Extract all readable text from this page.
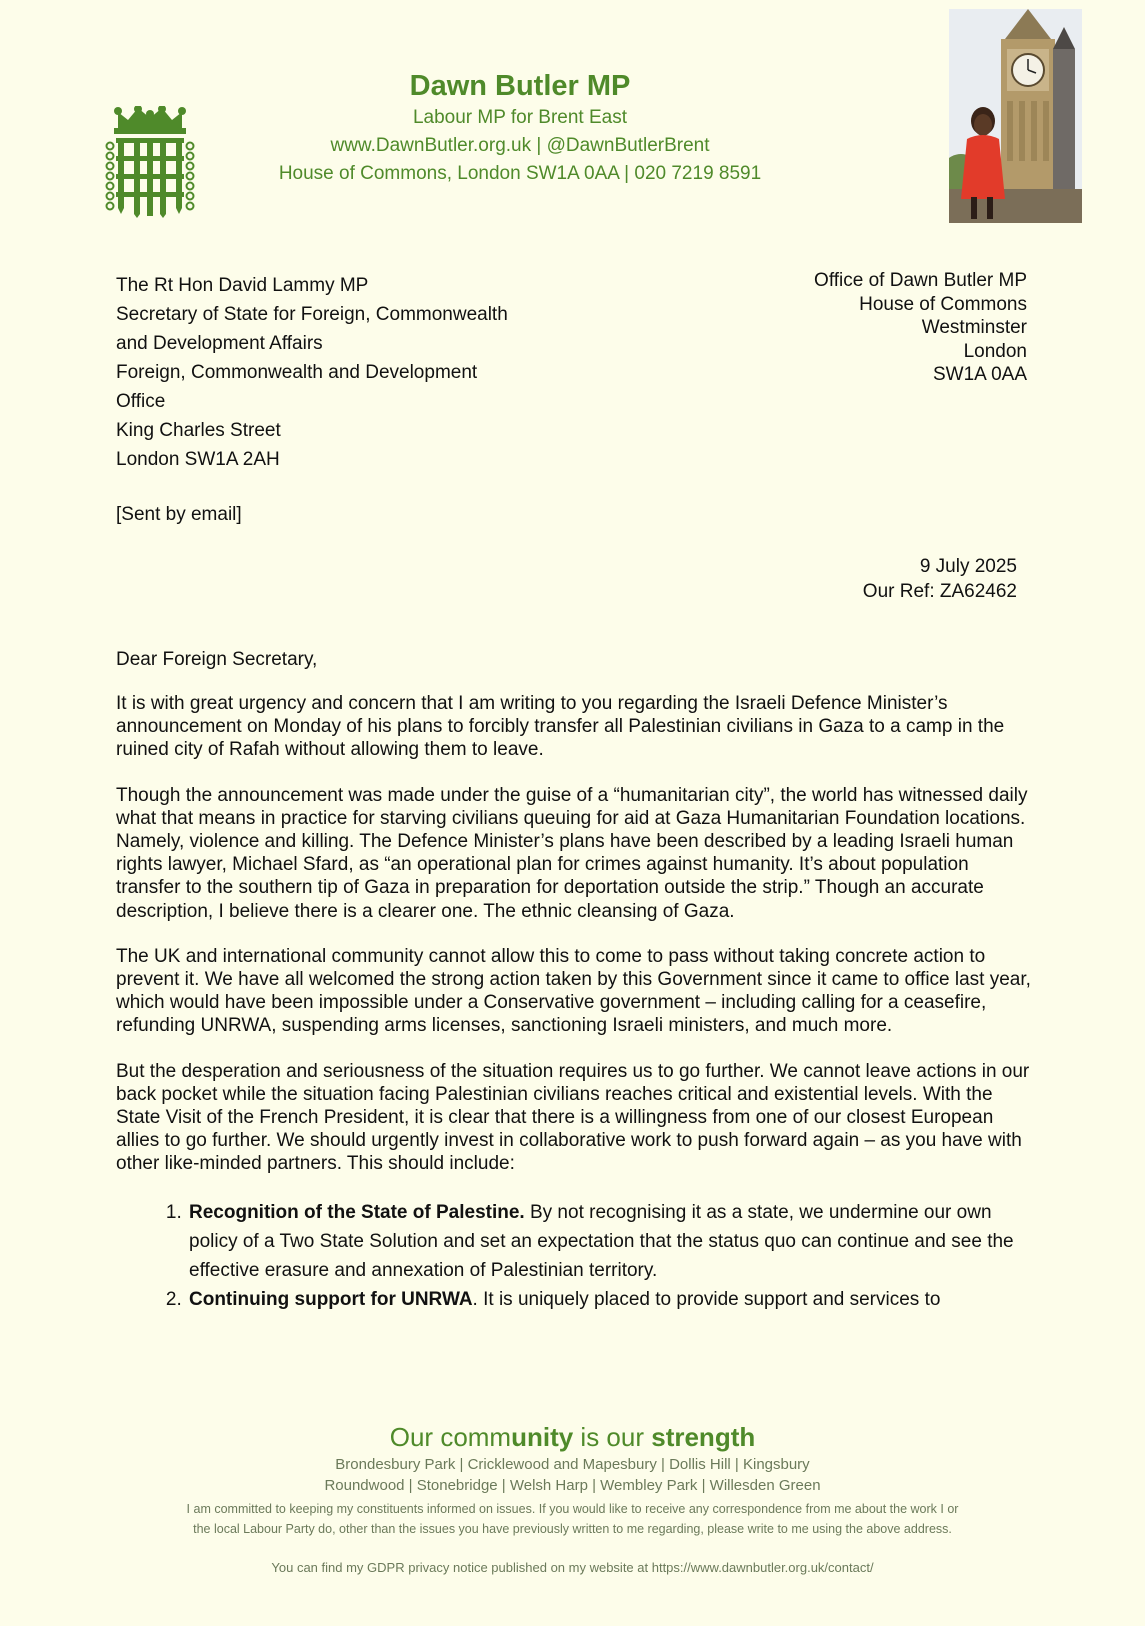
Dawn Butler MP
Labour MP for Brent East
www.DawnButler.org.uk | @DawnButlerBrent
House of Commons, London SW1A 0AA | 020 7219 8591
The Rt Hon David Lammy MP
Secretary of State for Foreign, Commonwealth
and Development Affairs
Foreign, Commonwealth and Development
Office
King Charles Street
London SW1A 2AH
Office of Dawn Butler MP
House of Commons
Westminster
London
SW1A 0AA
[Sent by email]
9 July 2025
Our Ref: ZA62462

Dear Foreign Secretary,

It is with great urgency and concern that I am writing to you regarding the Israeli Defence Minister’s announcement on Monday of his plans to forcibly transfer all Palestinian civilians in Gaza to a camp in the ruined city of Rafah without allowing them to leave.

Though the announcement was made under the guise of a “humanitarian city”, the world has witnessed daily what that means in practice for starving civilians queuing for aid at Gaza Humanitarian Foundation locations. Namely, violence and killing. The Defence Minister’s plans have been described by a leading Israeli human rights lawyer, Michael Sfard, as “an operational plan for crimes against humanity. It’s about population transfer to the southern tip of Gaza in preparation for deportation outside the strip.” Though an accurate description, I believe there is a clearer one. The ethnic cleansing of Gaza.

The UK and international community cannot allow this to come to pass without taking concrete action to prevent it. We have all welcomed the strong action taken by this Government since it came to office last year, which would have been impossible under a Conservative government – including calling for a ceasefire, refunding UNRWA, suspending arms licenses, sanctioning Israeli ministers, and much more.

But the desperation and seriousness of the situation requires us to go further. We cannot leave actions in our back pocket while the situation facing Palestinian civilians reaches critical and existential levels. With the State Visit of the French President, it is clear that there is a willingness from one of our closest European allies to go further. We should urgently invest in collaborative work to push forward again – as you have with other like-minded partners. This should include:

1. Recognition of the State of Palestine. By not recognising it as a state, we undermine our own policy of a Two State Solution and set an expectation that the status quo can continue and see the effective erasure and annexation of Palestinian territory.
2. Continuing support for UNRWA. It is uniquely placed to provide support and services to
Our community is our strength
Brondesbury Park | Cricklewood and Mapesbury | Dollis Hill | Kingsbury
Roundwood | Stonebridge | Welsh Harp | Wembley Park | Willesden Green
I am committed to keeping my constituents informed on issues. If you would like to receive any correspondence from me about the work I or
the local Labour Party do, other than the issues you have previously written to me regarding, please write to me using the above address.
You can find my GDPR privacy notice published on my website at https://www.dawnbutler.org.uk/contact/
